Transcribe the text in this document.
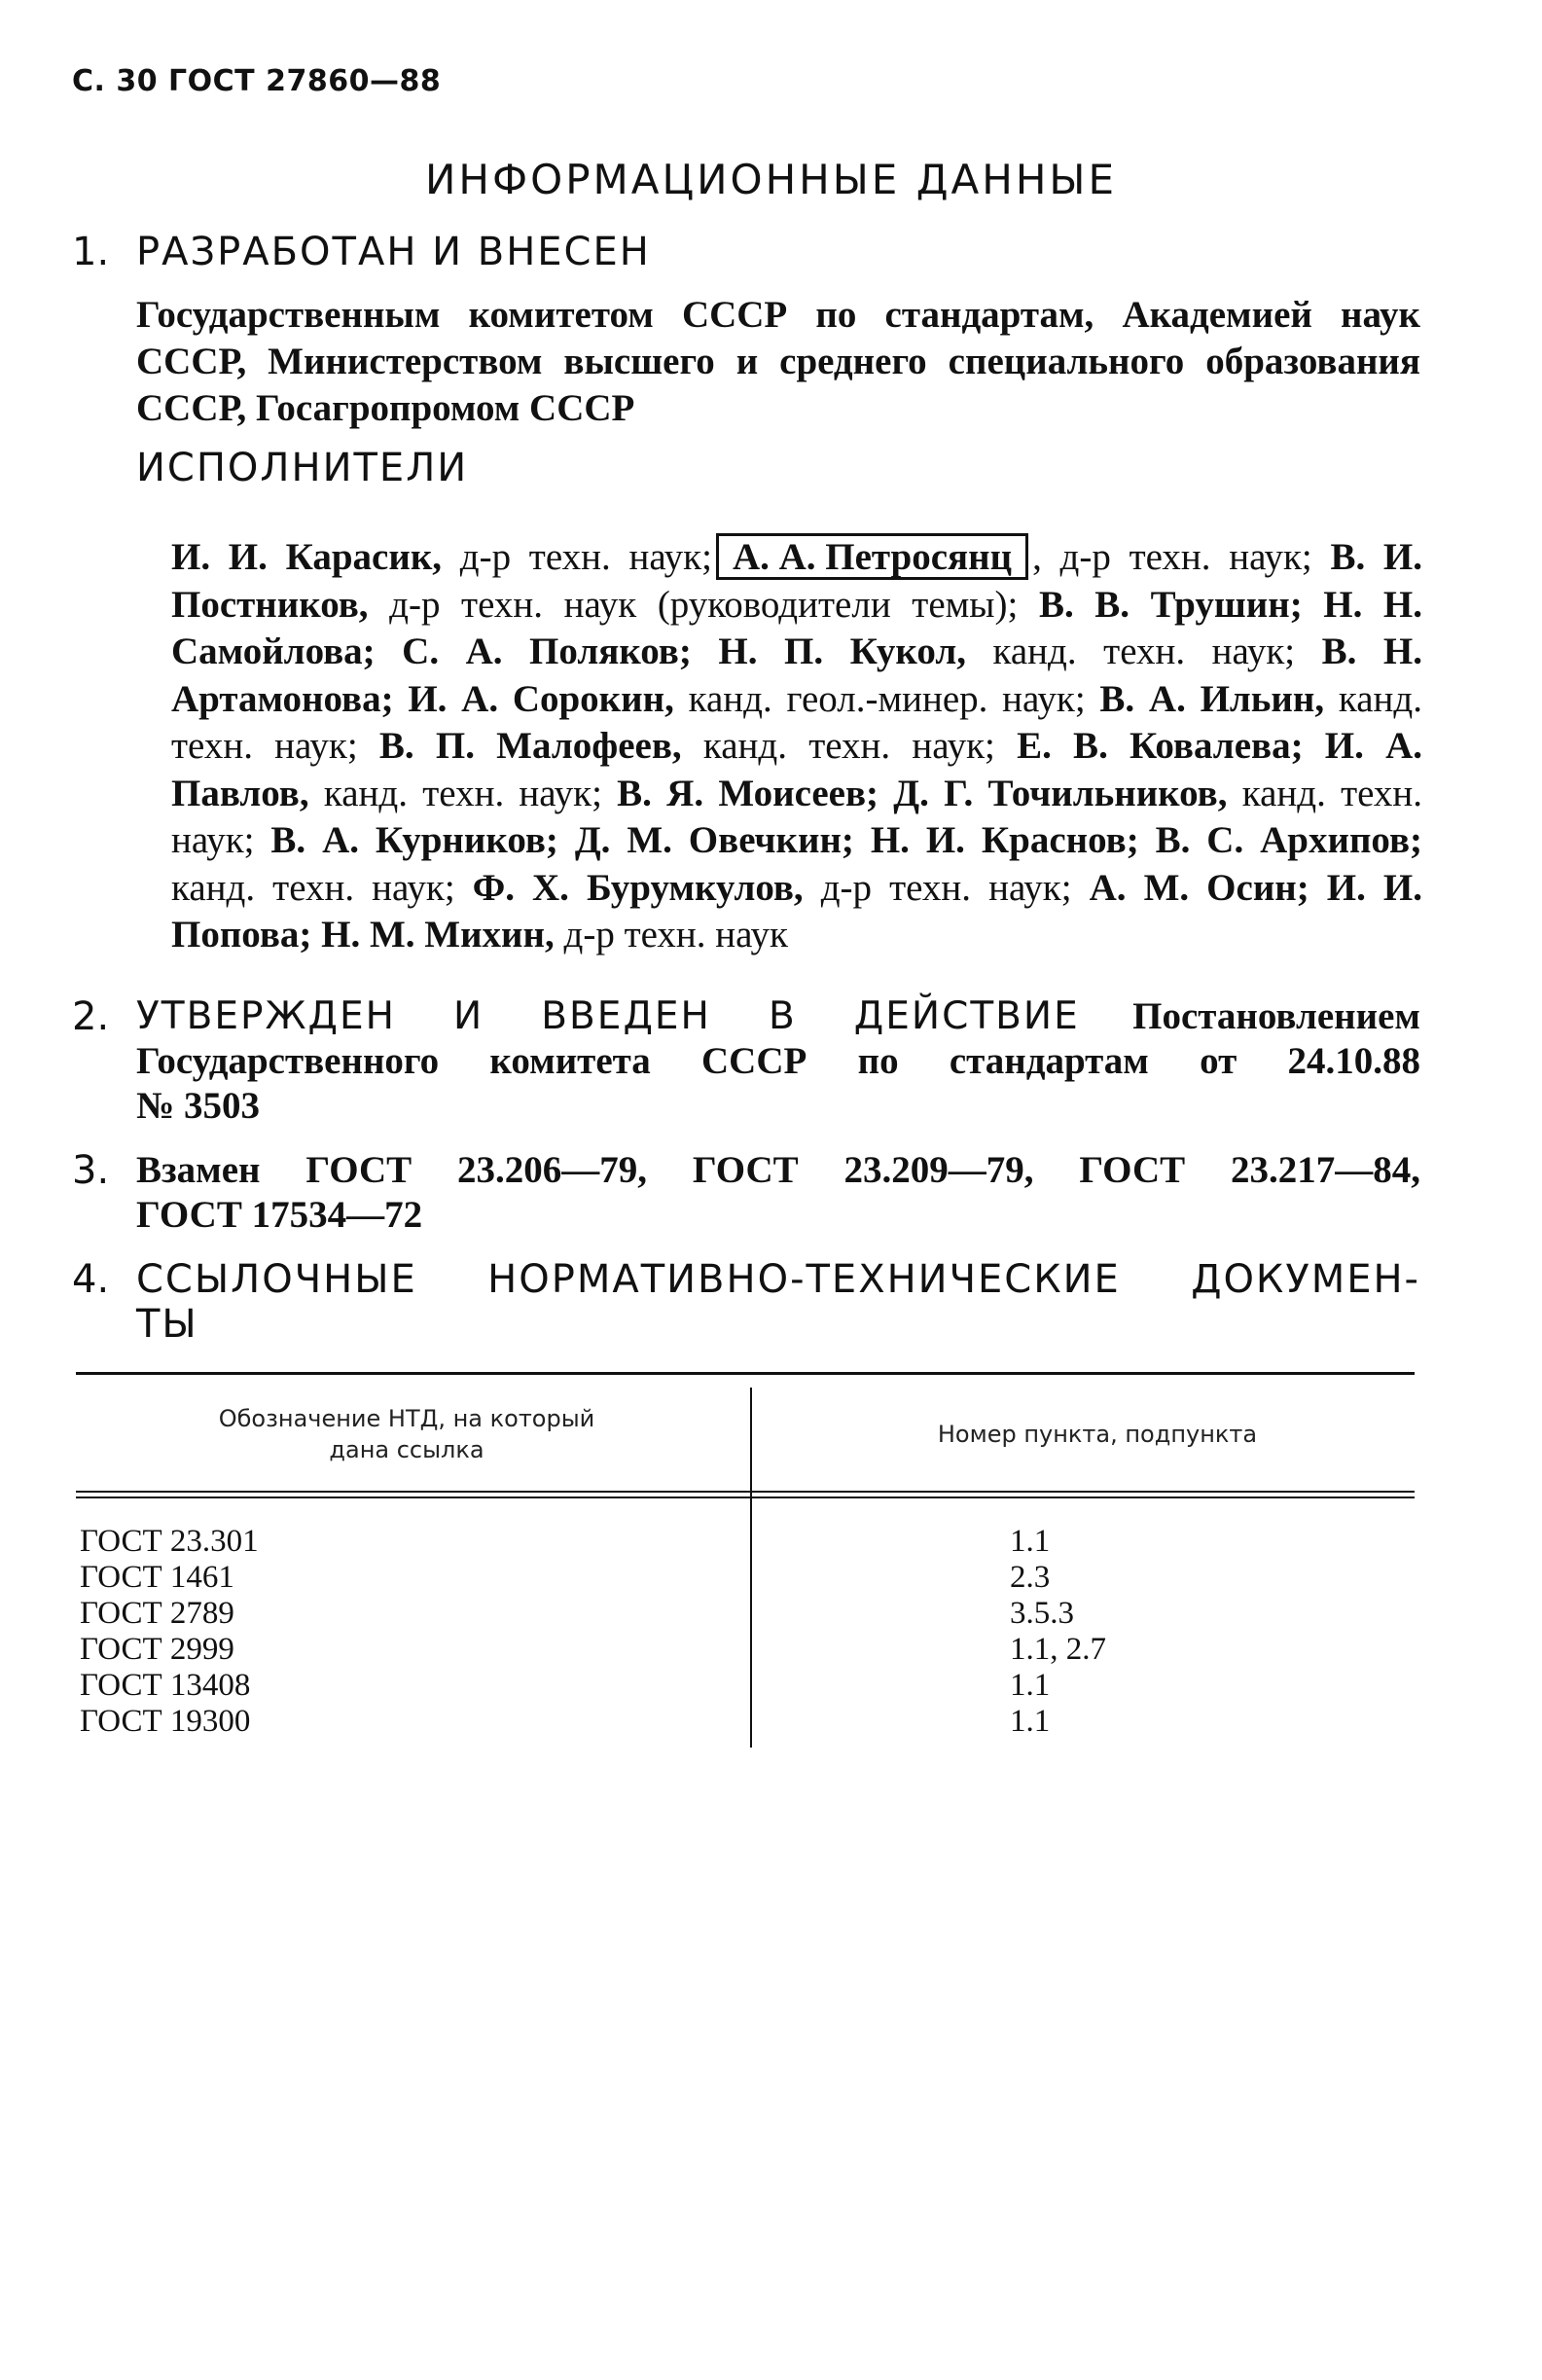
С. 30 ГОСТ 27860—88
ИНФОРМАЦИОННЫЕ ДАННЫЕ
1. РАЗРАБОТАН И ВНЕСЕН
Государственным комитетом СССР по стандартам, Академией наук СССР, Министерством высшего и среднего специального образования СССР, Госагропромом СССР
ИСПОЛНИТЕЛИ
И. И. Карасик, д-р техн. наук; А. А. Петросянц , д-р техн. наук; В. И. Постников, д-р техн. наук (руководители темы); В. В. Трушин; Н. Н. Самойлова; С. А. Поляков; Н. П. Кукол, канд. техн. наук; В. Н. Артамонова; И. А. Сорокин, канд. геол.-минер. наук; В. А. Ильин, канд. техн. наук; В. П. Малофеев, канд. техн. наук; Е. В. Ковалева; И. А. Павлов, канд. техн. наук; В. Я. Моисеев; Д. Г. Точильников, канд. техн. наук; В. А. Курников; Д. М. Овечкин; Н. И. Краснов; В. С. Архипов; канд. техн. наук; Ф. Х. Бурумкулов, д-р техн. наук; А. М. Осин; И. И. Попова; Н. М. Михин, д-р техн. наук
2. УТВЕРЖДЕН И ВВЕДЕН В ДЕЙСТВИЕ Постановлением
Государственного комитета СССР по стандартам от 24.10.88
№ 3503
3. Взамен ГОСТ 23.206—79, ГОСТ 23.209—79, ГОСТ 23.217—84,
ГОСТ 17534—72
4. ССЫЛОЧНЫЕ НОРМАТИВНО-ТЕХНИЧЕСКИЕ ДОКУМЕН-
ТЫ
Обозначение НТД, на который
дана ссылка
Номер пункта, подпункта
ГОСТ 23.301
ГОСТ 1461
ГОСТ 2789
ГОСТ 2999
ГОСТ 13408
ГОСТ 19300
1.1
2.3
3.5.3
1.1, 2.7
1.1
1.1
